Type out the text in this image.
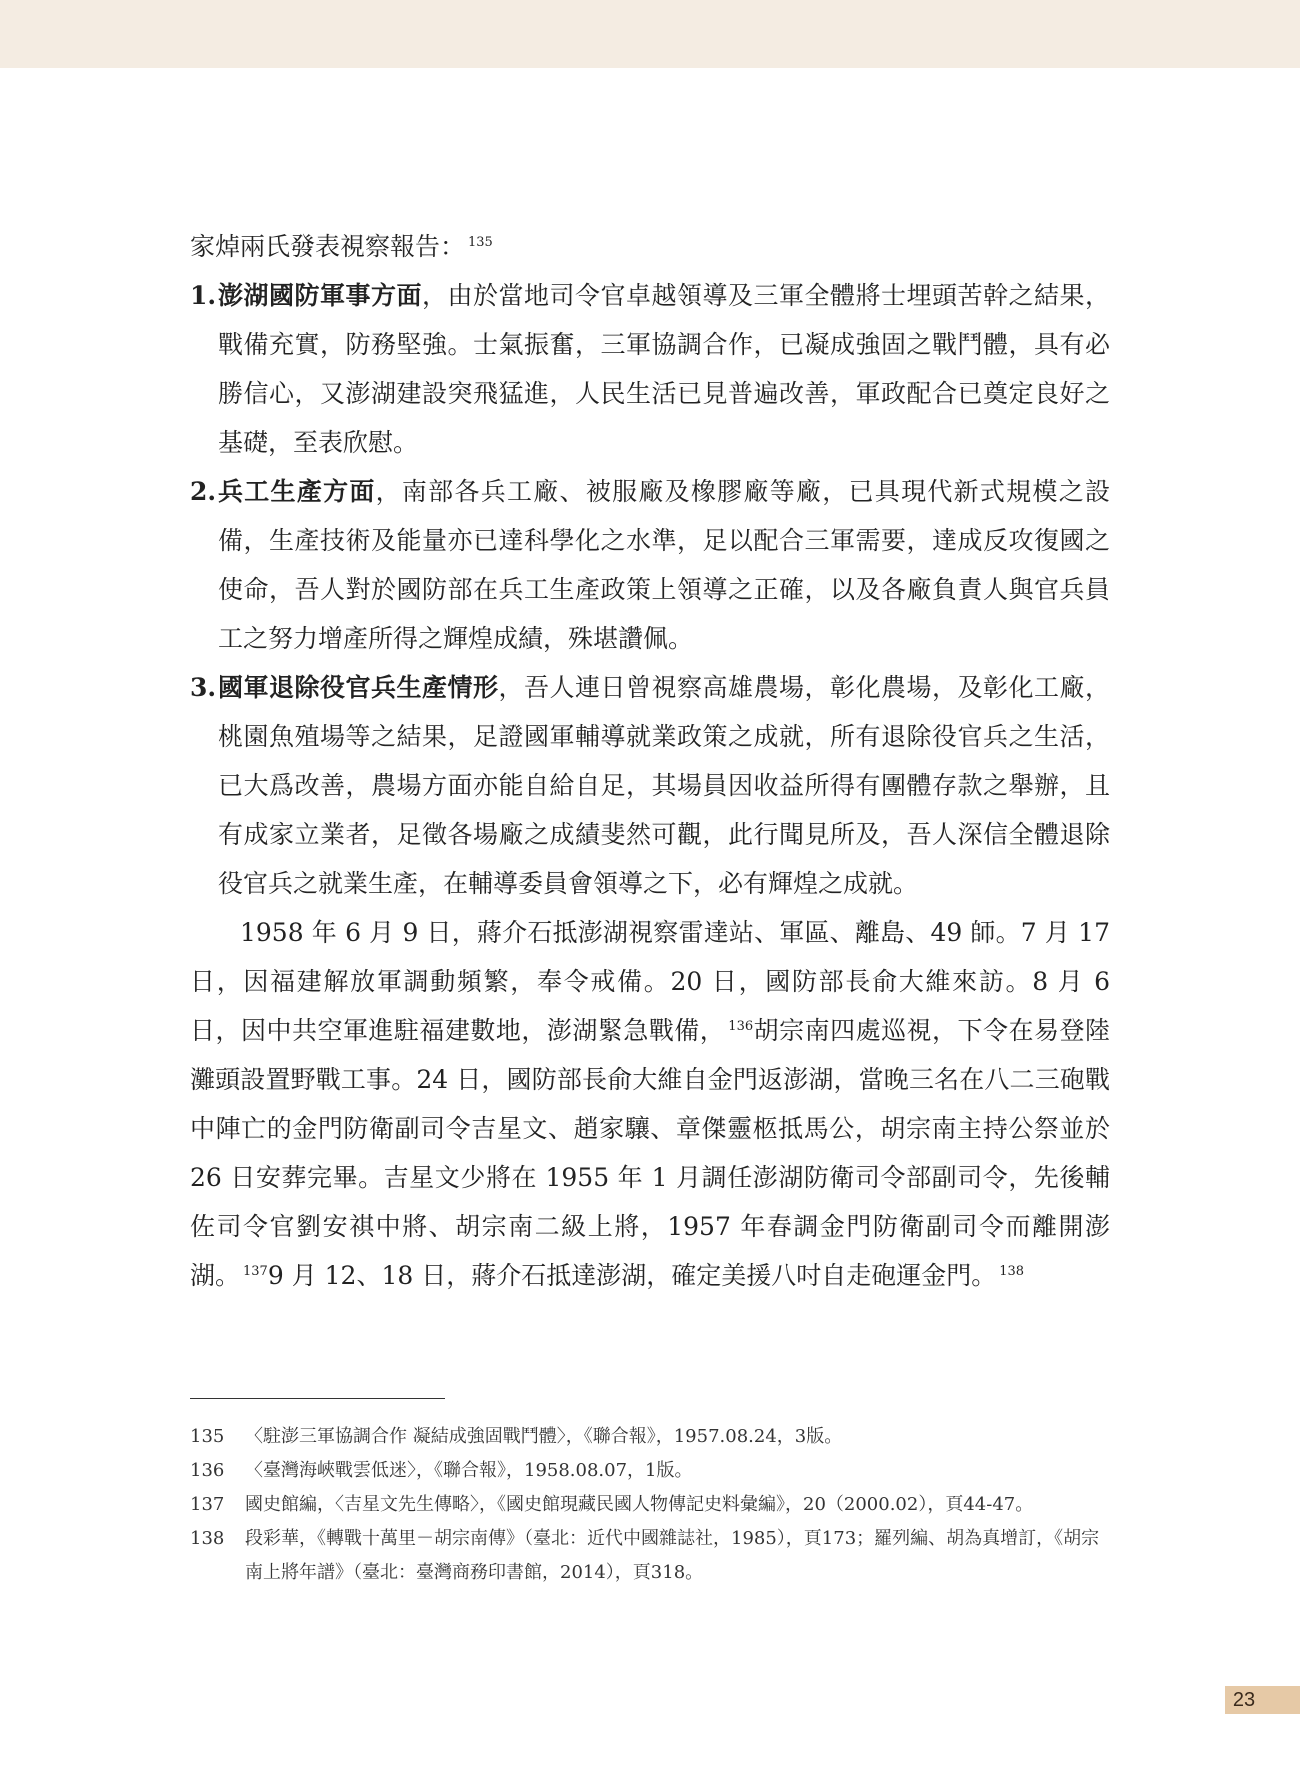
家焯兩氏發表視察報告： $^{135}$
1. 澎湖國防軍事方面，由於當地司令官卓越領導及三軍全體將士埋頭苦幹之結果，戰備充實，防務堅強。士氣振奮，三軍協調合作，已凝成強固之戰鬥體，具有必勝信心，又澎湖建設突飛猛進，人民生活已見普遍改善，軍政配合已奠定良好之基礎，至表欣慰。
2. 兵工生產方面，南部各兵工廠、被服廠及橡膠廠等廠，已具現代新式規模之設備，生產技術及能量亦已達科學化之水準，足以配合三軍需要，達成反攻復國之使命，吾人對於國防部在兵工生產政策上領導之正確，以及各廠負責人與官兵員工之努力增產所得之輝煌成績，殊堪讚佩。
3. 國軍退除役官兵生產情形，吾人連日曾視察高雄農場，彰化農場，及彰化工廠，桃園魚殖場等之結果，足證國軍輔導就業政策之成就，所有退除役官兵之生活，已大爲改善，農場方面亦能自給自足，其場員因收益所得有團體存款之舉辦，且有成家立業者，足徵各場廠之成績斐然可觀，此行聞見所及，吾人深信全體退除役官兵之就業生產，在輔導委員會領導之下，必有輝煌之成就。
1958 年 6 月 9 日，蔣介石抵澎湖視察雷達站、軍區、離島、49 師。7 月 17 日，因福建解放軍調動頻繁，奉令戒備。20 日，國防部長俞大維來訪。8 月 6 日，因中共空軍進駐福建數地，澎湖緊急戰備， $^{136}$胡宗南四處巡視，下令在易登陸灘頭設置野戰工事。24 日，國防部長俞大維自金門返澎湖，當晚三名在八二三砲戰中陣亡的金門防衛副司令吉星文、趙家驤、章傑靈柩抵馬公，胡宗南主持公祭並於 26 日安葬完畢。吉星文少將在 1955 年 1 月調任澎湖防衛司令部副司令，先後輔佐司令官劉安祺中將、胡宗南二級上將，1957 年春調金門防衛副司令而離開澎湖。 $^{137}$9 月 12、18 日，蔣介石抵達澎湖，確定美援八吋自走砲運金門。 $^{138}$
135 〈駐澎三軍協調合作 凝結成強固戰鬥體〉，《聯合報》，1957.08.24，3版。
136 〈臺灣海峽戰雲低迷〉，《聯合報》，1958.08.07，1版。
137 國史館編，〈吉星文先生傳略〉，《國史館現藏民國人物傳記史料彙編》，20（2000.02），頁44-47。
138 段彩華，《轉戰十萬里－胡宗南傳》（臺北：近代中國雜誌社，1985），頁173；羅列編、胡為真增訂，《胡宗南上將年譜》（臺北：臺灣商務印書館，2014），頁318。
23
